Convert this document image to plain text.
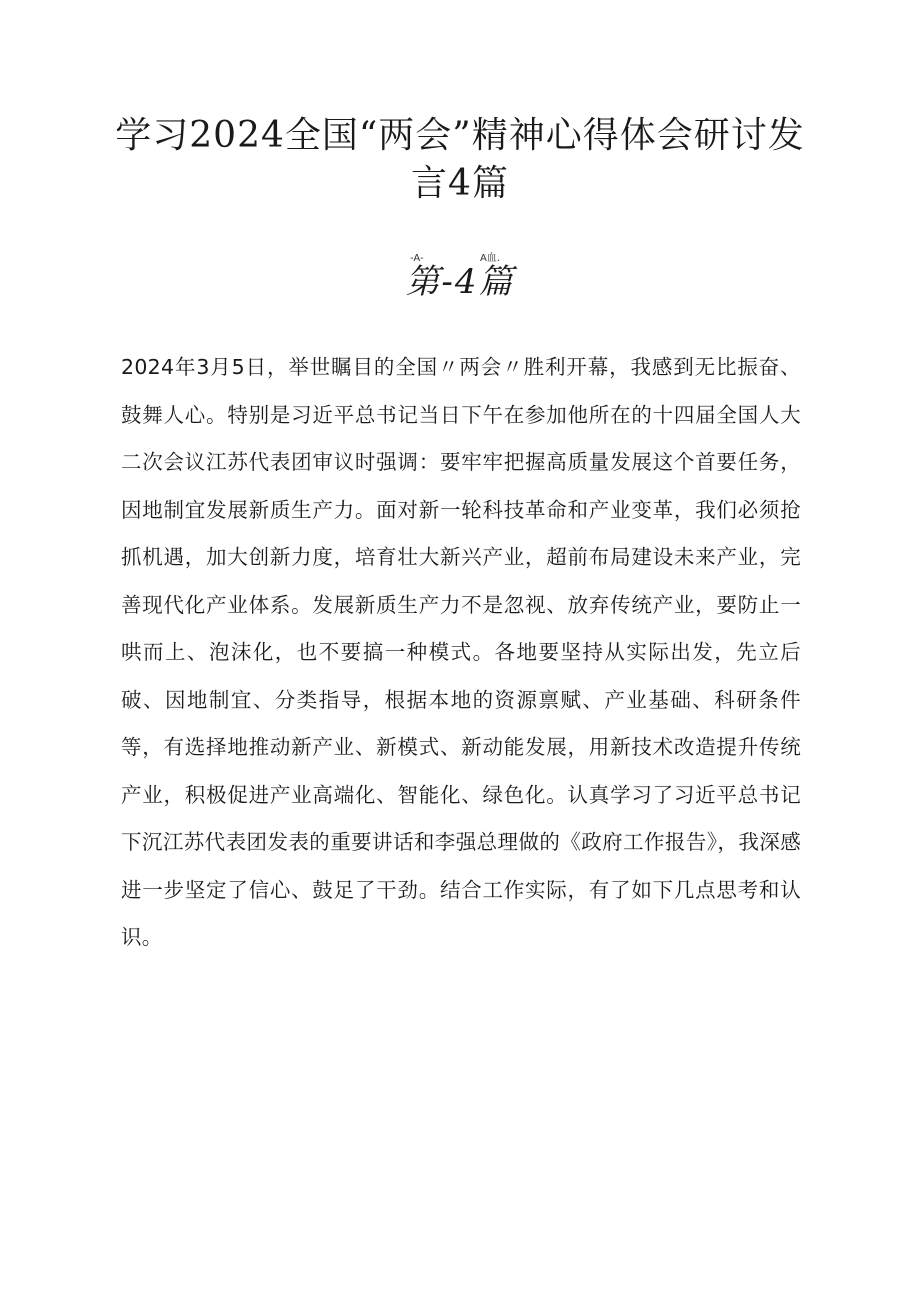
学习2024全国“两会”精神心得体会研讨发言4篇
-A-	A血.
第-4篇

2024年3月5日，举世瞩目的全国〃两会〃胜利开幕，我感到无比振奋、鼓舞人心。特别是习近平总书记当日下午在参加他所在的十四届全国人大二次会议江苏代表团审议时强调：要牢牢把握高质量发展这个首要任务，因地制宜发展新质生产力。面对新一轮科技革命和产业变革，我们必须抢抓机遇，加大创新力度，培育壮大新兴产业，超前布局建设未来产业，完善现代化产业体系。发展新质生产力不是忽视、放弃传统产业，要防止一哄而上、泡沫化，也不要搞一种模式。各地要坚持从实际出发，先立后破、因地制宜、分类指导，根据本地的资源禀赋、产业基础、科研条件等，有选择地推动新产业、新模式、新动能发展，用新技术改造提升传统产业，积极促进产业高端化、智能化、绿色化。认真学习了习近平总书记下沉江苏代表团发表的重要讲话和李强总理做的《政府工作报告》，我深感进一步坚定了信心、鼓足了干劲。结合工作实际，有了如下几点思考和认识。
